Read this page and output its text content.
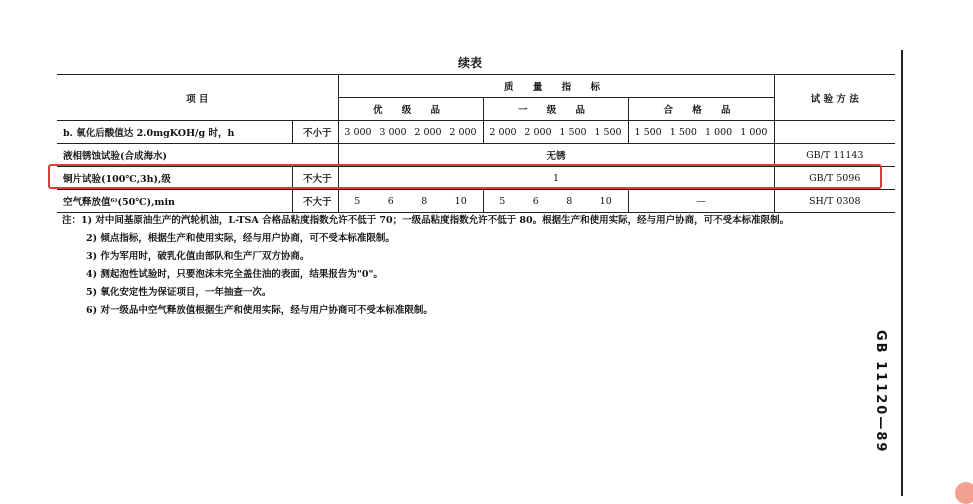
续表
项 目		质 量 指 标			试 验 方 法
		优 级 品	一 级 品	合 格 品	
b. 氧化后酸值达 2.0mgKOH/g 时，h	不小于	3 000 3 000 2 000 2 000	2 000 2 000 1 500 1 500	1 500 1 500 1 000 1 000	

液相锈蚀试验(合成海水)		无锈			GB/T 11143
铜片试验(100℃,3h),级	不大于	1			GB/T 5096
空气释放值⁶⁾(50℃),min	不大于	5 6 8 10	5 6 8 10	—	SH/T 0308
注：1) 对中间基原油生产的汽轮机油，L-TSA 合格品粘度指数允许不低于 70；一级品粘度指数允许不低于 80。根据生产和使用实际，经与用户协商，可不受本标准限制。
2) 倾点指标，根据生产和使用实际，经与用户协商，可不受本标准限制。
3) 作为军用时，破乳化值由部队和生产厂双方协商。
4) 测起泡性试验时，只要泡沫未完全盖住油的表面，结果报告为"0"。
5) 氧化安定性为保证项目，一年抽查一次。
6) 对一级品中空气释放值根据生产和使用实际，经与用户协商可不受本标准限制。
GB 11120—89
